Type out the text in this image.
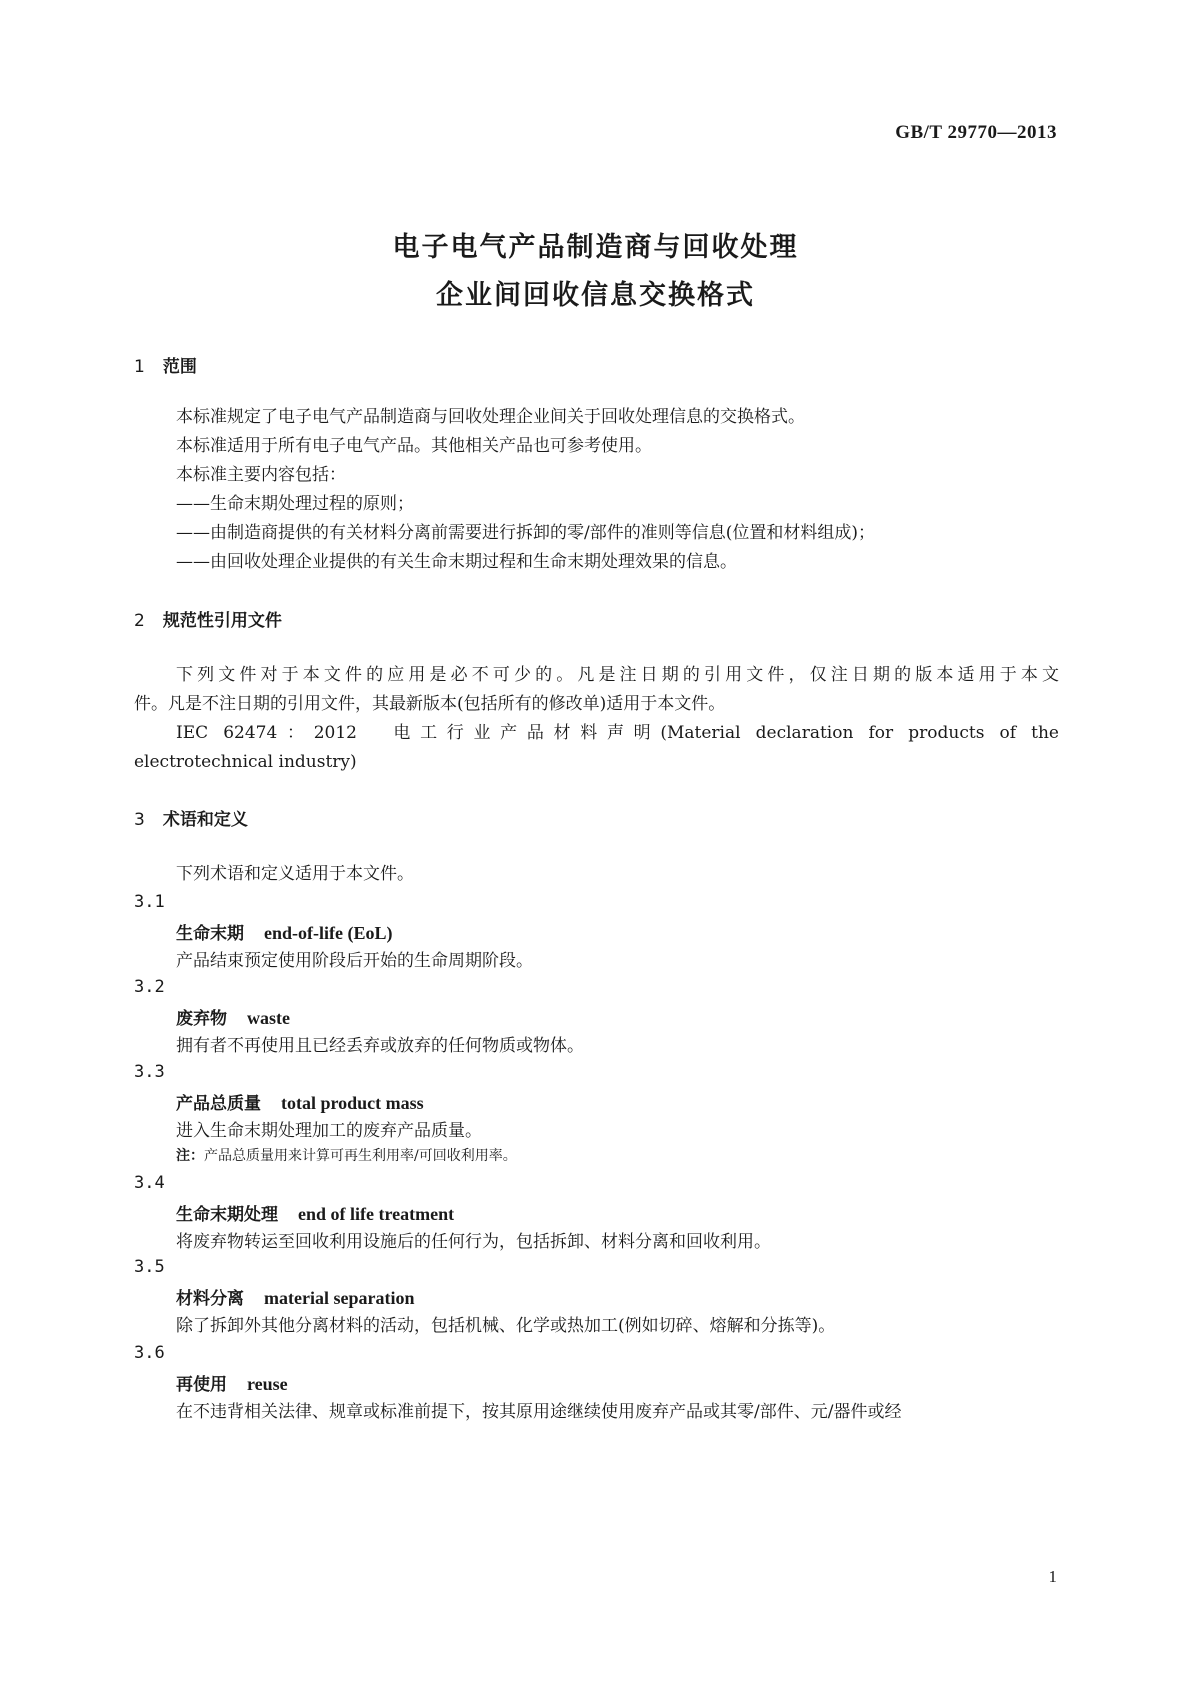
GB/T 29770—2013
电子电气产品制造商与回收处理
企业间回收信息交换格式
1 范围
本标准规定了电子电气产品制造商与回收处理企业间关于回收处理信息的交换格式。
本标准适用于所有电子电气产品。其他相关产品也可参考使用。
本标准主要内容包括：
——生命末期处理过程的原则；
——由制造商提供的有关材料分离前需要进行拆卸的零/部件的准则等信息(位置和材料组成)；
——由回收处理企业提供的有关生命末期过程和生命末期处理效果的信息。
2 规范性引用文件
下列文件对于本文件的应用是必不可少的。凡是注日期的引用文件，仅注日期的版本适用于本文
件。凡是不注日期的引用文件，其最新版本(包括所有的修改单)适用于本文件。
IEC 62474：2012　电工行业产品材料声明(Material declaration for products of the
electrotechnical industry)
3 术语和定义
下列术语和定义适用于本文件。
3.1
生命末期 end-of-life (EoL)
产品结束预定使用阶段后开始的生命周期阶段。
3.2
废弃物 waste
拥有者不再使用且已经丢弃或放弃的任何物质或物体。
3.3
产品总质量 total product mass
进入生命末期处理加工的废弃产品质量。
注：产品总质量用来计算可再生利用率/可回收利用率。
3.4
生命末期处理 end of life treatment
将废弃物转运至回收利用设施后的任何行为，包括拆卸、材料分离和回收利用。
3.5
材料分离 material separation
除了拆卸外其他分离材料的活动，包括机械、化学或热加工(例如切碎、熔解和分拣等)。
3.6
再使用 reuse
在不违背相关法律、规章或标准前提下，按其原用途继续使用废弃产品或其零/部件、元/器件或经
1
